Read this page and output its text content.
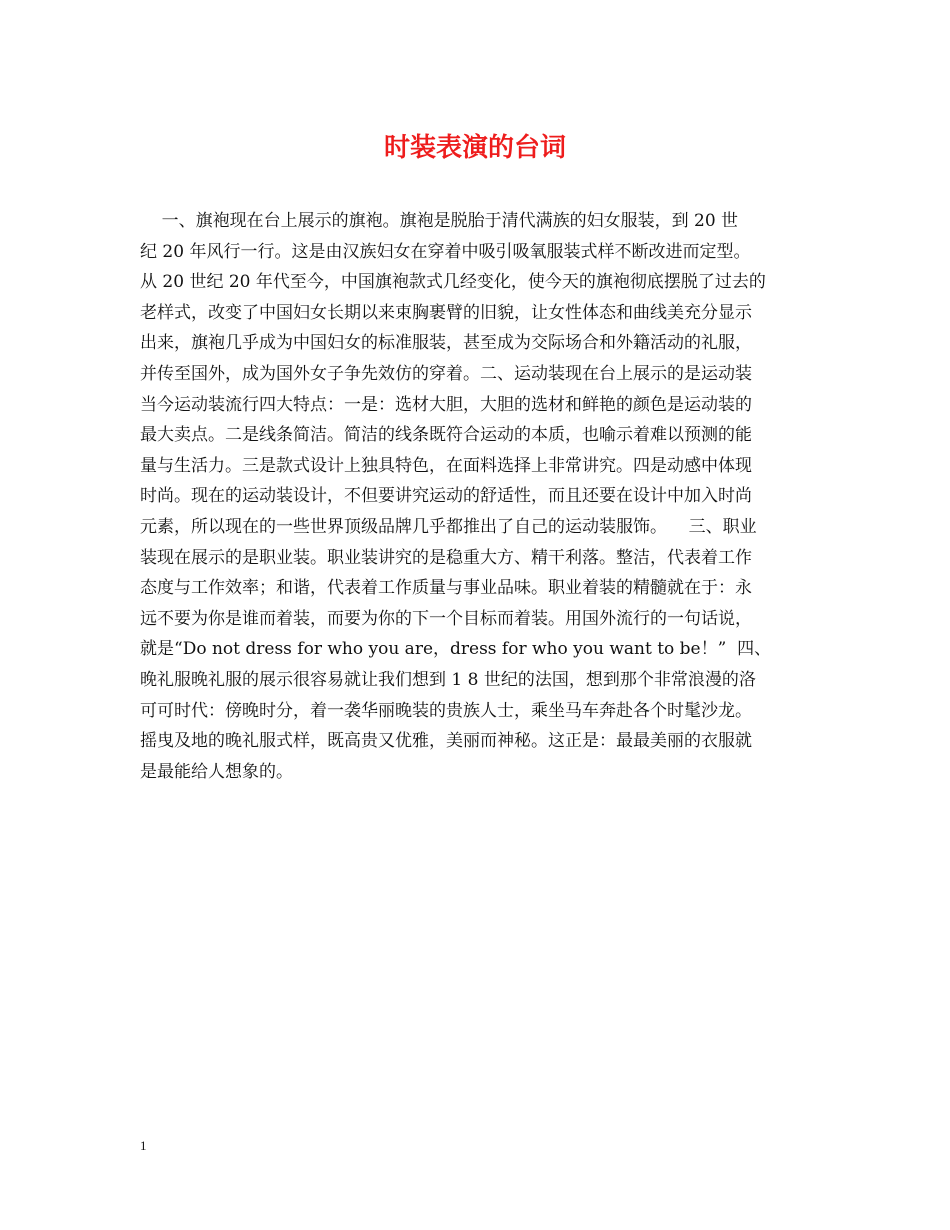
时装表演的台词
一、旗袍现在台上展示的旗袍。旗袍是脱胎于清代满族的妇女服装，到 20 世
纪 20 年风行一行。这是由汉族妇女在穿着中吸引吸氧服装式样不断改进而定型。
从 20 世纪 20 年代至今，中国旗袍款式几经变化，使今天的旗袍彻底摆脱了过去的
老样式，改变了中国妇女长期以来束胸裹臂的旧貌，让女性体态和曲线美充分显示
出来，旗袍几乎成为中国妇女的标准服装，甚至成为交际场合和外籍活动的礼服，
并传至国外，成为国外女子争先效仿的穿着。二、运动装现在台上展示的是运动装
当今运动装流行四大特点：一是：选材大胆，大胆的选材和鲜艳的颜色是运动装的
最大卖点。二是线条简洁。简洁的线条既符合运动的本质，也喻示着难以预测的能
量与生活力。三是款式设计上独具特色，在面料选择上非常讲究。四是动感中体现
时尚。现在的运动装设计，不但要讲究运动的舒适性，而且还要在设计中加入时尚
元素，所以现在的一些世界顶级品牌几乎都推出了自己的运动装服饰。    三、职业
装现在展示的是职业装。职业装讲究的是稳重大方、精干利落。整洁，代表着工作
态度与工作效率；和谐，代表着工作质量与事业品味。职业着装的精髓就在于：永
远不要为你是谁而着装，而要为你的下一个目标而着装。用国外流行的一句话说，
就是“Do not dress for who you are，dress for who you want to be！”  四、
晚礼服晚礼服的展示很容易就让我们想到 1 8 世纪的法国，想到那个非常浪漫的洛
可可时代：傍晚时分，着一袭华丽晚装的贵族人士，乘坐马车奔赴各个时髦沙龙。
摇曳及地的晚礼服式样，既高贵又优雅，美丽而神秘。这正是：最最美丽的衣服就
是最能给人想象的。
1
